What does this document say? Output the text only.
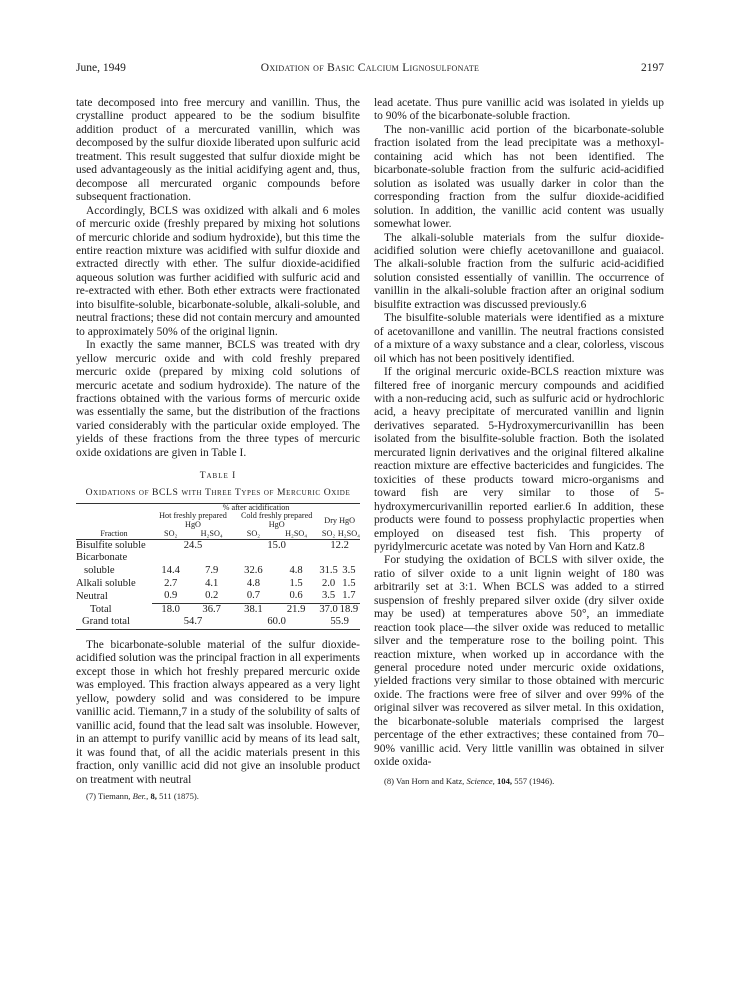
June, 1949	Oxidation of Basic Calcium Lignosulfonate	2197

tate decomposed into free mercury and vanillin. Thus, the crystalline product appeared to be the sodium bisulfite addition product of a mercurated vanillin, which was decomposed by the sulfur dioxide liberated upon sulfuric acid treatment. This result suggested that sulfur dioxide might be used advantageously as the initial acidifying agent and, thus, decompose all mercurated organic compounds before subsequent fractionation.

Accordingly, BCLS was oxidized with alkali and 6 moles of mercuric oxide (freshly prepared by mixing hot solutions of mercuric chloride and sodium hydroxide), but this time the entire reaction mixture was acidified with sulfur dioxide and extracted directly with ether. The sulfur dioxide-acidified aqueous solution was further acidified with sulfuric acid and re-extracted with ether. Both ether extracts were fractionated into bisulfite-soluble, bicarbonate-soluble, alkali-soluble, and neutral fractions; these did not contain mercury and amounted to approximately 50% of the original lignin.

In exactly the same manner, BCLS was treated with dry yellow mercuric oxide and with cold freshly prepared mercuric oxide (prepared by mixing cold solutions of mercuric acetate and sodium hydroxide). The nature of the fractions obtained with the various forms of mercuric oxide was essentially the same, but the distribution of the fractions varied considerably with the particular oxide employed. The yields of these fractions from the three types of mercuric oxide oxidations are given in Table I.

Table I
Oxidations of BCLS with Three Types of Mercuric Oxide
	% after acidification					
	Hot freshly prepared HgO		Cold freshly prepared HgO		Dry HgO	
Fraction	SO₂	H₂SO₄	SO₂	H₂SO₄	SO₂	H₂SO₄
Bisulfite soluble	24.5		15.0		12.2	
Bicarbonate						
soluble	14.4	7.9	32.6	4.8	31.5	3.5
Alkali soluble	2.7	4.1	4.8	1.5	2.0	1.5
Neutral	0.9	0.2	0.7	0.6	3.5	1.7
Total	18.0	36.7	38.1	21.9	37.0	18.9
Grand total	54.7		60.0		55.9	

The bicarbonate-soluble material of the sulfur dioxide-acidified solution was the principal fraction in all experiments except those in which hot freshly prepared mercuric oxide was employed. This fraction always appeared as a very light yellow, powdery solid and was considered to be impure vanillic acid. Tiemann,7 in a study of the solubility of salts of vanillic acid, found that the lead salt was insoluble. However, in an attempt to purify vanillic acid by means of its lead salt, it was found that, of all the acidic materials present in this fraction, only vanillic acid did not give an insoluble product on treatment with neutral

(7) Tiemann, Ber., 8, 511 (1875).

lead acetate. Thus pure vanillic acid was isolated in yields up to 90% of the bicarbonate-soluble fraction.

The non-vanillic acid portion of the bicarbonate-soluble fraction isolated from the lead precipitate was a methoxyl-containing acid which has not been identified. The bicarbonate-soluble fraction from the sulfuric acid-acidified solution as isolated was usually darker in color than the corresponding fraction from the sulfur dioxide-acidified solution. In addition, the vanillic acid content was usually somewhat lower.

The alkali-soluble materials from the sulfur dioxide-acidified solution were chiefly acetovanillone and guaiacol. The alkali-soluble fraction from the sulfuric acid-acidified solution consisted essentially of vanillin. The occurrence of vanillin in the alkali-soluble fraction after an original sodium bisulfite extraction was discussed previously.6

The bisulfite-soluble materials were identified as a mixture of acetovanillone and vanillin. The neutral fractions consisted of a mixture of a waxy substance and a clear, colorless, viscous oil which has not been positively identified.

If the original mercuric oxide-BCLS reaction mixture was filtered free of inorganic mercury compounds and acidified with a non-reducing acid, such as sulfuric acid or hydrochloric acid, a heavy precipitate of mercurated vanillin and lignin derivatives separated. 5-Hydroxymercurivanillin has been isolated from the bisulfite-soluble fraction. Both the isolated mercurated lignin derivatives and the original filtered alkaline reaction mixture are effective bactericides and fungicides. The toxicities of these products toward micro-organisms and toward fish are very similar to those of 5-hydroxymercurivanillin reported earlier.6 In addition, these products were found to possess prophylactic properties when employed on diseased test fish. This property of pyridylmercuric acetate was noted by Van Horn and Katz.8

For studying the oxidation of BCLS with silver oxide, the ratio of silver oxide to a unit lignin weight of 180 was arbitrarily set at 3:1. When BCLS was added to a stirred suspension of freshly prepared silver oxide (dry silver oxide may be used) at temperatures above 50°, an immediate reaction took place—the silver oxide was reduced to metallic silver and the temperature rose to the boiling point. This reaction mixture, when worked up in accordance with the general procedure noted under mercuric oxide oxidations, yielded fractions very similar to those obtained with mercuric oxide. The fractions were free of silver and over 99% of the original silver was recovered as silver metal. In this oxidation, the bicarbonate-soluble materials comprised the largest percentage of the ether extractives; these contained from 70–90% vanillic acid. Very little vanillin was obtained in silver oxide oxida-

(8) Van Horn and Katz, Science, 104, 557 (1946).
